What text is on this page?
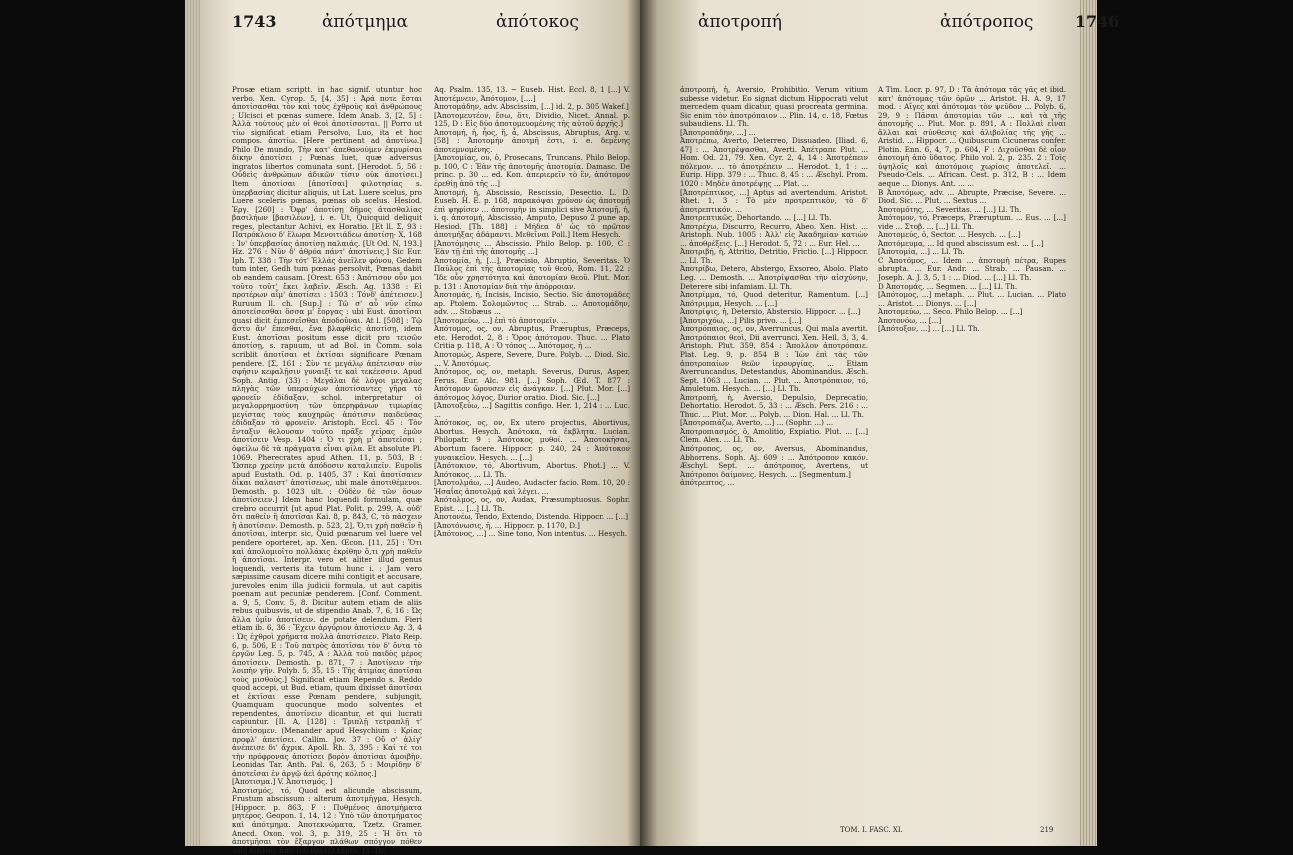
1743	ἀπότμημα	ἀπότοκος

Prosæ etiam scriptt. in hac signif. utuntur hoc verbo. Xen. Cyrop. 5, [4, 35] : Ἀρά ποτε ἔσται ἀποτίσασθαι τὸν καὶ τοὺς ἐχθροὺς καὶ ἀνθρώπους ; Ulcisci et pœnas sumere. Idem Anab. 3, [2, 5] : Ἀλλὰ τούτους μὲν οἱ θεοὶ ἀποτίσονται. || Porro ut τίω significat etiam Persolvo, Luo, ita et hoc compos. ἀποτίω. [Here pertinent ad ἀποτίνω.] Philo De mundo, Τὴν κατ' ἀπεθανούμεν ἐκμυρίσαι δίκην ἀποτίσει ; Pœnas luet, quæ adversus ingratos libertos comunata sunt. [Herodot. 5, 56 : Οὐδεὶς ἀνθρώπων ἀδικῶν τίσιν οὐκ ἀποτίσει.] Item ἀποτίσαι [ἀποτῖσαι] φιλοτησίας s. ὑπερβασίας dicitur aliquis, ut Lat. Luere scelus, pro Luere sceleris pœnas, pœnas ob scelus. Hesiod. Ἐργ. [260] : Ὄφρ' ἀποτίσῃ δῆμος ἀτασθαλίας βασιλήων [βασιλέων], i. e. Ut, Quicquid deliquit reges, plectantur Achivi, ex Horatio. [Et ll. Σ, 93 : Πατρόκλοιο δ' ἕλωρα Μενοιτιάδεω ἀποτίσῃ· Χ, 168 : Ἰν' ὑπερβασίας ἀποτίσῃ παλαιάς. [Ut Od. N, 193.] Hz. 276 : Νῦν δ' ἀθρόα πάντ' ἀποτίνεις.] Sic Eur. Iph. T. 338 : Τὴν τότ' Ἑλλάς ἀνεῖλεν φόνου, Gedem tum inter, Gedh tum pœnas persolvit, Pœnas dabit ob eandem causam. [Orest. 653 : Ἀπότισον οὖν μοι τοῦτο τοῦτ' ἔκει λαβεῖν. Æsch. Ag. 1338 : Εἰ προτέρων αἷμ' ἀποτίσει : 1503 : Τόνδ' ἀπέτεισεν.] Ruruum ll. ch. [Sup.] : Τῶ σ' αὖ νῦν εἴπω ἀποτείσεσθαι ὅσσα μ' ἔοργας : ubi Eust. ἀποτῖσαι quasi dicit ἐμπεσεῖσθαι ἀποδοῦναι. At l. [508] : Τῷ ἄστυ ἄν' ἕπεσθαι, ἕνα βλαφθεὶς ἀποτίσῃ, idem Eust. ἀποτῖσαι positum esse dicit pro τεισῶν ἀποτίσῃ, s. rapuum, ut ad Bol. in Comm. sola scriblit ἀποτῖσαι et ἐκτῖσαι significare Pœnam pendere. [Σ, 161 : Σὺν τε μεγάλῳ ἀπέτεισαν σὺν σφῆσιν κεφαλῇσιν γυναιξί τε καὶ τεκέεσσιν. Apud Soph. Antig. (33) : Μεγάλαι δὲ λόγοι μεγάλας πληγὰς τῶν ὑπεραύχων ἀποτίσαντες γῆρα τὸ φρονεῖν ἐδίδαξαν, schol. interpretatur οἱ μεγαλορρημοσύνη τῶν ὑπερηφάνων τιμωρίας μεγίστας τοὺς καυχηρῶς ἀπότισιν παιδεύσας ἐδίδαξαν τὸ φρονεῖν. Aristoph. Eccl. 45 : Τὸν ἔνταξιν θελουσαν τοῦτο πρᾶξε χεῖρας ἐμῶν ἀποτίσειν Vesp. 1404 : Ὁ τι χρὴ μ' ἀποτεῖσαι ; ὀφείλω δὲ τὰ πράγματα εἶναι φίλα. Et absolute Pl. 1069. Pherecrates apud Athen. 11, p. 503, B : Ὥσπερ χρείην μετὰ ἀπόδοσιν καταλιπεῖν. Eupolis apud Eustath. Od. p. 1405, 37 : Καὶ ἀποτίσαιεν δίκαι παλαιστ' ἀποτίσεως, ubi male ἀποτιθέμενοι. Demosth. p. 1023 ult. : Οὐδὲν δὲ τῶν ὅσων ἀποτίσειεν.] Idem hanc loquendi formulam, quæ crebro occurrit [ut apud Plat. Polit. p. 299, A. οὐδ' ὅτι παθεῖν ἢ ἀποτῖσαι Kai. 8, p. 843, C, τὸ πάσχειν ἢ ἀποτίσειν. Demosth. p. 523, 2], Ὅ,τι χρὴ παθεῖν ἢ ἀποτῖσαι, interpr. sic, Quid pœnarum vel luere vel pendere oporteret, ap. Xen. Œcon. [11, 25] : Ὅτι καὶ ἀπολομιοῖτο πολλάκις ἐκρίθην ὅ,τι χρὴ παθεῖν ἢ ἀποτῖσαι. Interpr. vero et aliter illud genus loquendi, verteris ita tutum hunc i. : Jam vero sæpissime causam dicere mihi contigit et accusare, jurevoles enim illa judicii formula, ut aut capitis poenam aut pecuniæ penderem. [Conf. Comment. a. 9, 5, Conv. 5, 8. Dicitur autem etiam de aliis rebus quibusvis, ut de stipendio Anab. 7, 6, 16 : Ὡς ἄλλα ὑμῖν ἀποτίσειν. de potate delendum. Fieri etiam ib. 6, 36 : Ἔχειν ἀργύριον ἀποτίσειν Ag. 3, 4 : Ὡς ἐχθροὶ χρήματα πολλὰ ἀποτίσειεν. Plato Reip. 6, p. 506, E : Τοῦ πατρὸς ἀποτῖσαι τὸν δ' ὄντα τὸ ἐργῶν Leg. 5, p. 745, A : Ἀλλὰ τοῦ παιδὸς μέρος ἀποτίσειν. Demosth. p. 871, 7 : Ἀποτίνειν τὴν λοιπὴν γῆν. Polyb. 5, 35, 15 : Τῆς ἀτιμίας ἀποτῖσαι τοὺς μισθοὺς.] Significat etiam Rependo s. Reddo quod accepi, ut Bud. etiam, quum dixisset ἀποτῖσαι et ἐκτῖσαι esse Pœnam pendere, subjungit, Quamquam quocunque modo solventes et rependentes, ἀποτίνειν dicantur, et qui lucrati capiuntur. [Il. A, [128] : Τριπλῇ τετραπλῇ τ' ἀποτίσομεν. (Menander apud Hesychium : Κρίας προφλ' ἀπετίσει. Callim. Jov. 37 : Οὔ σ' ἀλίγ' ἀνέπεισε δι' ἄχρικ. Apoll. Rh. 3, 395 : Καί τέ τοι τὴν πρόφρονας ἀποτίσει βορὸν ἀποτίσαι ἀμοιβὴν. Leonidas Tar. Anth. Pal. 6, 263, 5 : Μοιρίδην δ' ἀποτεῖσαι ἐν ἀργῷ ἀεὶ ἀρότης κόλπος.]

[Ἀποτισμα.] V. Ἀποτισμός. ]

Ἀποτισμός, τό, Quod est alicunde abscissum, Frustum abscissum : alterum ἀποτμῆγμα, Hesych. [Hippocr. p. 863, F : Πυθμένος ἀποτμήματα μητέρος. Geopon. 1, 14, 12 : Ὑπὸ τῶν ἀποτμήματος καὶ ἀπότμημα. Ἀποτεκνώματα, Tzetz. Gramer. Anecd. Oxon. vol. 3, p. 319, 25 : Ἡ ὅτι τὸ ἀποτμῆσαι τὸν ἔξαργον πλάθων σπόγγον πόθεν τοῖς διπλοῖς ἀπὸ τοῦ προτελλόμεν. Ll. Th.

Aq. Psalm. 135, 13. ~ Euseb. Hist. Eccl. 8, 1 [...] V. Ἀποτέμνειν, Ἀπότομον, [....]

Ἀποτομάδην, adv. Abscissim, [...] id. 2, p. 305 Wakef.]

[Ἀποτομευτέον, ἔσω, ὅτι, Dividio, Nicet. Annal. p. 125, D : Εἰς δύο ἀποτομευομένης τῆς αὐτοῦ ἀρχῆς.]

Ἀποτομή, ἡ, ἦος, ἥ, ἆ, Abscissus, Abruptus, Arg. v. [58] : Ἀποτομήν ἀποτμῆ ἐστι, i. e. δεμένης ἀποτεμνομένης.

[Ἀποτομίας, ου, ὁ, Prosecans, Truncans. Philo Belop. p. 100, C : Ἐὰν τῆς ἀποτομῆς ἀποτομία. Damasc. De princ. p. 30 ... ed. Κοπ. ἀπεριερεῖν τὸ ἓν, ἀπότομον ἐρεθίῃ ἀπὸ τῆς ...]

Ἀποτομή, ἡ, Abscissio, Rescissio, Desectio. L. D. Euseb. H. E. p. 168, παρακόψαι χρόνον ὡς ἀποτομῇ ἐπὶ ψηφίσεν ... ἀποτομὴν in simplici sive Ἀποτομῇ, ἡ, i. q. ἀποτομή, Abscissio, Amputo, Depuso 2 pune ap. Hesiod. [Th. 188] : Μήδεα δ' ὡς τὸ πρῶτον ἀποτμήξας ἀδάμαντι. Μεθεῖναι Poll.] Item Hesych.

[Ἀποτόμησις ... Abscissio. Philo Belop. p. 100, C : Ἐὰν τῇ ἐπὶ τῆς ἀποτομῆς ...]

Ἀποτομία, ἡ, [...], Præcisio, Abruptio, Severitas. Ὁ Παῦλος ἐπὶ τῆς ἀποτομίας τοῦ θεοῦ, Rom. 11, 22 : Ἴδε οὖν χρηστότητα καὶ ἀποτομίαν θεοῦ. Plut. Mor. p. 131 : Ἀποτομίαν διὰ τὴν ἀπόρροιαν.

Ἀποτομάς, ή, Incisis, Incisio, Sectio. Sic ἀποτομάδες ap. Ptolem. Σολομῶντος ... Strab. ... Αποτομάδην, adv. ... Stobæus ...

[Ἀποτομεύω, ...] ἐπὶ τὸ ἀποτομεῖν. ...

Ἀπότομος, ος, ον, Abruptus, Præruptus, Præceps, etc. Herodot. 2, 8 : Ὄρος ἀπότομον. Thuc. ... Plato Critia p. 118, A : Ὁ τόπος ... Ἀπότομος, ἡ ...

Ἀποτομώς, Aspere, Severe, Dure. Polyb. ... Diod. Sic. ... V. Ἀποτόμως.

Ἀπότομος, ος, ον, metaph. Severus, Durus, Asper, Ferus. Eur. Alc. 981. [...] Soph. Œd. T. 877 : Ἀπότομον ὤρουσεν εἰς ἀνάγκαν. [...] Plut. Mor. [...] ἀπότομος λόγος, Durior oratio. Diod. Sic. [...]

[Ἀποτοξεύω, ...] Sagittis configo. Her. 1, 214 : ... Luc. ...

Ἀπότοκος, ος, ον, Ex utero projectus, Abortivus, Abortus. Hesych. Ἀπότοκα, τὰ ἔκβλητα. Lucian. Philopatr. 9 : Ἀπότοκος μυθοί. ... Ἀποτοκῆσαι, Abortum facere. Hippocr. p. 240, 24 : Ἀπότοκον γυναικεῖον. Hesych. ... [...]

[Ἀπότοκιον, τό, Abortivum, Abortus. Phot.] ... V. Ἀπότοκος. ... Ll. Th.

[Ἀποτολμάω, ...] Audeo, Audacter facio. Rom. 10, 20 : Ἡσαΐας ἀποτολμᾷ καὶ λέγει. ...

Ἀπότολμος, ος, ον, Audax, Præsumptuosus. Sophr. Epist. ... [...] Ll. Th.

Ἀποτονέω, Tendo, Extendo, Distendo. Hippocr. ... [...]

[Ἀποτόνωσις, ἡ, ... Hippocr. p. 1170, D.]

[Ἀπότονος, ...] ... Sine tono, Non intentus. ... Hesych.

ἀποτροπή	ἀπότροπος	1746

ἀποτροπή, ἡ, Aversio, Prohibitio. Verum vitium subesse videtur. Eo signat dictum Hippocrati velut mercedem quam dicatur, quasi procreata germina. Sic enim τὸν ἀποτρόπαιον ... Plin. 14, c. 18, Fœtus subaudiens. Ll. Th.

[Ἀποτροπάδην, ...] ...

Ἀποτρέπω, Averto, Deterreo, Dissuadeo. [Iliad. 6, 47] : ... Ἀποτρέψασθαι, Averti. Ἀπέτραπε Plut. ... Hom. Od. 21, 79. Xen. Cyr. 2, 4, 14 : Ἀποτρέπειν πόλεμον. ... τὸ ἀποτρέπειν ... Herodot. 1, 1 : ... Eurip. Hipp. 379 : ... Thuc. 8, 45 : ... Æschyl. Prom. 1020 : Μηδὲν ἀποτρέψῃς ... Plat. ...

[Ἀποτρέπτικος, ...] Aptus ad avertendum. Aristot. Rhet. 1, 3 : Τὸ μὲν προτρεπτικὸν, τὸ δ' ἀποτρεπτικόν. ...

Ἀποτρεπτικῶς, Dehortando. ... [...] Ll. Th.

Ἀποτρέχω, Discurro, Recurro, Abeo. Xen. Hist. ... Aristoph. Nub. 1005 : Ἀλλ' εἰς Ἀκαδημίαν κατιὼν ... ἀποθρέξεις. [...] Herodot. 5, 72 : ... Eur. Hel. ...

Ἀποτριβή, ἡ, Attritio, Detritio, Frictio. [...] Hippocr. ... Ll. Th.

Ἀποτρίβω, Detero, Abstergo, Exsoreo, Abolo. Plato Leg. ... Demosth. ... Ἀποτρίψασθαι τὴν αἰσχύνην, Deterere sibi infamiam. Ll. Th.

Ἀποτρίμμα, τό, Quod deteritur, Ramentum. [...] Ἀπότριμμα, Hesych. ... [...]

Ἀποτρίψις, ἡ, Detersio, Abstersio. Hippocr. ... [...]

[Ἀποτριχόω, ...] Pilis privo. ... [...]

Ἀποτρόπαιος, ος, ον, Averruncus, Qui mala avertit. Ἀποτρόπαιοι θεοὶ, Dii averrunci. Xen. Hell. 3, 3, 4. Aristoph. Plut. 359, 854 : Ἄπολλον ἀποτρόπαιε. Plat. Leg. 9, p. 854 B : Ἰὼν ἐπὶ τὰς τῶν ἀποτροπαίων θεῶν ἱερουργίας. ... Etiam Averruncandus, Detestandus, Abominandus. Æsch. Sept. 1063 ... Lucian. ... Plut. ... Ἀποτρόπαιον, τό, Amuletum. Hesych. ... [...] Ll. Th.

Ἀποτροπή, ἡ, Aversio, Depulsio, Deprecatio, Dehortatio. Herodot. 5, 33 : ... Æsch. Pers. 216 : ... Thuc. ... Plut. Mor. ... Polyb. ... Dion. Hal. ... Ll. Th.

[Ἀποτροπιάζω, Averto, ...] ... (Sophr. ...) ...

Ἀποτροπιασμός, ὁ, Amolitio, Expiatio. Plut. ... [...] Clem. Alex. ... Ll. Th.

Ἀπότροπος, ος, ον, Aversus, Abominandus, Abhorrens. Soph. Aj. 609 : ... Ἀπότροπον κακόν. Æschyl. Sept. ... ἀπότροπος, Avertens, ut Ἀπότροποι δαίμονες. Hesych. ... [Segmentum.]

ἀπότρεπτος, ...

A Tim. Locr. p. 97, D : Τὰ ἀπότομα τᾶς γᾶς et ibid. κατ' ἀπότομας τῶν ὀρῶν ... Aristot. H. A. 9, 17 mod. : Αἴγες καὶ ἀπότομαι τὸν ψεῦδον ... Polyb. 6, 29, 9 : Πᾶσαι ἀποτομίαι τῶν ... καὶ τὰ τῆς ἀποτομῆς ... Plut. Mor. p. 891, A : Πολλαὶ εἶναι ἄλλαι καὶ σύνθεσις καὶ ἀλιβολίας τῆς γῆς ... Aristid. ... Hippocr. ... Quibuscum Cicuneras confer. Plotin. Enn. 6, 4, 7, p. 604, F : Διχοῦσθαι δὲ οἶον ἀποτομὴ ἀπὸ ὕδατος. Philo vol. 2, p. 235. 2 : Τοῖς ὑψηλοῖς καὶ ἀποτόμοις χωρίοις ἀποτελεῖ. ... Pseudo-Cels. ... African. Cest. p. 312, B : ... Idem aeque ... Dionys. Ant. ... ...

B Ἀποτόμως, adv. ... Abrupte, Præcise, Severe. ... Diod. Sic. ... Plut. ... Sextus ...

Ἀποτομότης, ... Severitas. ... [...] Ll. Th.

Ἀπότομον, τό, Præceps, Præruptum. ... Eus. ... [...] vide ... Στοβ. ... [...] Ll. Th.

Ἀποτομεύς, ὁ, Sector. ... Hesych. ... [...]

Ἀποτόμευμα, ... Id quod abscissum est. ... [...]

[Ἀποτομία, ...] ... Ll. Th.

C Ἀποτόμος, ... Idem ... ἀποτομὴ πέτρα, Rupes abrupta. ... Eur. Andr. ... Strab. ... Pausan. ... Joseph. A. J. 3, 5, 1 : ... Diod. ... [...] Ll. Th.

D Ἀποτομάς, ... Segmen. ... [...] Ll. Th.

[Ἀπότομος, ...] metaph. ... Plut. ... Lucian. ... Plato ... Aristot. ... Dionys. ... [...]

Ἀποτομεύω, ... Seco. Philo Belop. ... [...]

Ἀποτονόω, ... [...]

[Ἀπότοξον, ...] ... [...] Ll. Th.

TOM. I. FASC. XI.	219
